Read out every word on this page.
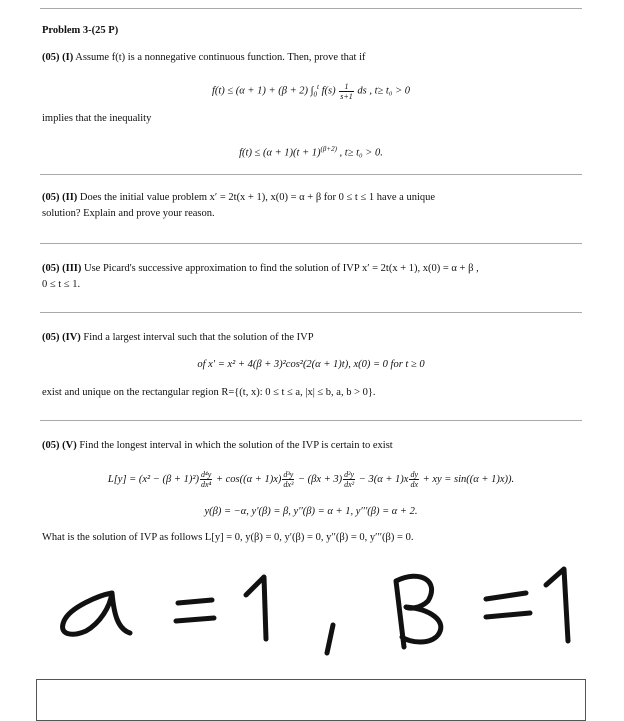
Problem 3-(25 P)
(05) (I) Assume f(t) is a nonnegative continuous function. Then, prove that if
f(t) ≤ (α + 1) + (β + 2) $\int_0^t$ $f(s) \frac{1}{s+1}$ ds , t≥ t₀ > 0
implies that the inequality
$f(t) \le (\alpha + 1)(t + 1)^{(\beta+2)}$ , t≥ t₀ > 0.
(05) (II) Does the initial value problem x′ = 2t(x + 1), x(0) = α + β for 0 ≤ t ≤ 1 have a unique
solution? Explain and prove your reason.
(05) (III) Use Picard's successive approximation to find the solution of IVP x′ = 2t(x + 1), x(0) = α + β ,
0 ≤ t ≤ 1.
(05) (IV) Find a largest interval such that the solution of the IVP
of x′ = x² + 4(β + 3)²cos²(2(α + 1)t), x(0) = 0 for t ≥ 0
exist and unique on the rectangular region R={(t, x): 0 ≤ t ≤ a, |x| ≤ b, a, b > 0}.
(05) (V) Find the longest interval in which the solution of the IVP is certain to exist
$L[y] = (x^2 - (\beta + 1)^2) \frac{\text{d⁴y}}{\text{dx⁴}} + \cos((\alpha + 1)x) \frac{\text{d³y}}{\text{dx³}} - (\beta x + 3) \frac{\text{d²y}}{\text{dx²}} - 3(\alpha + 1)x \frac{dy}{dx}$ + xy = sin((α + 1)x)).
y(β) = −α, y′(β) = β, y′′(β) = α + 1, y′′′(β) = α + 2.
What is the solution of IVP as follows L[y] = 0, y(β) = 0, y′(β) = 0, y′′(β) = 0, y′′′(β) = 0.
